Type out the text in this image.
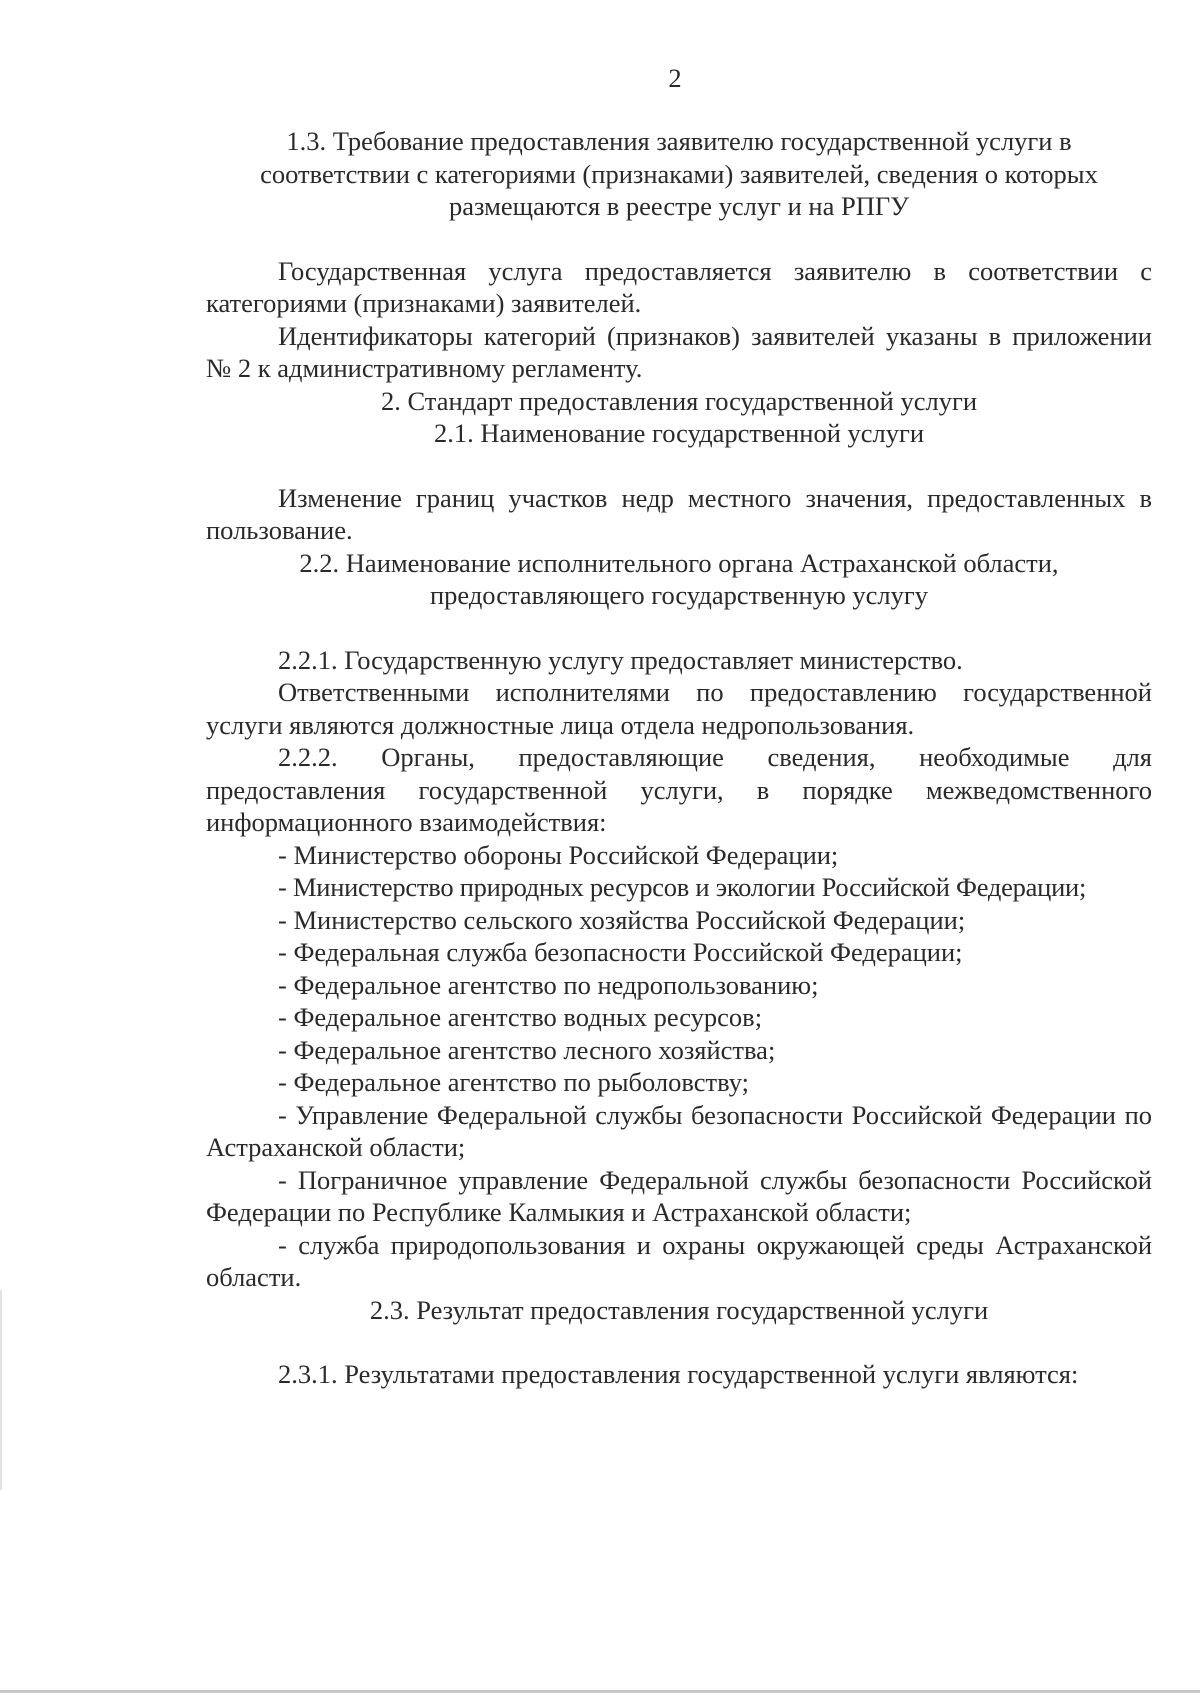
2
1.3. Требование предоставления заявителю государственной услуги в
соответствии с категориями (признаками) заявителей, сведения о которых
размещаются в реестре услуг и на РПГУ

Государственная услуга предоставляется заявителю в соответствии с категориями (признаками) заявителей.

Идентификаторы категорий (признаков) заявителей указаны в приложении № 2 к административному регламенту.

2. Стандарт предоставления государственной услуги
2.1. Наименование государственной услуги

Изменение границ участков недр местного значения, предоставленных в пользование.

2.2. Наименование исполнительного органа Астраханской области,
предоставляющего государственную услугу

2.2.1. Государственную услугу предоставляет министерство.

Ответственными исполнителями по предоставлению государственной услуги являются должностные лица отдела недропользования.

2.2.2. Органы, предоставляющие сведения, необходимые для предоставления государственной услуги, в порядке межведомственного информационного взаимодействия:

- Министерство обороны Российской Федерации;
- Министерство природных ресурсов и экологии Российской Федерации;
- Министерство сельского хозяйства Российской Федерации;
- Федеральная служба безопасности Российской Федерации;
- Федеральное агентство по недропользованию;
- Федеральное агентство водных ресурсов;
- Федеральное агентство лесного хозяйства;
- Федеральное агентство по рыболовству;
- Управление Федеральной службы безопасности Российской Федерации по Астраханской области;
- Пограничное управление Федеральной службы безопасности Российской Федерации по Республике Калмыкия и Астраханской области;
- служба природопользования и охраны окружающей среды Астраханской области.
2.3. Результат предоставления государственной услуги

2.3.1. Результатами предоставления государственной услуги являются:
